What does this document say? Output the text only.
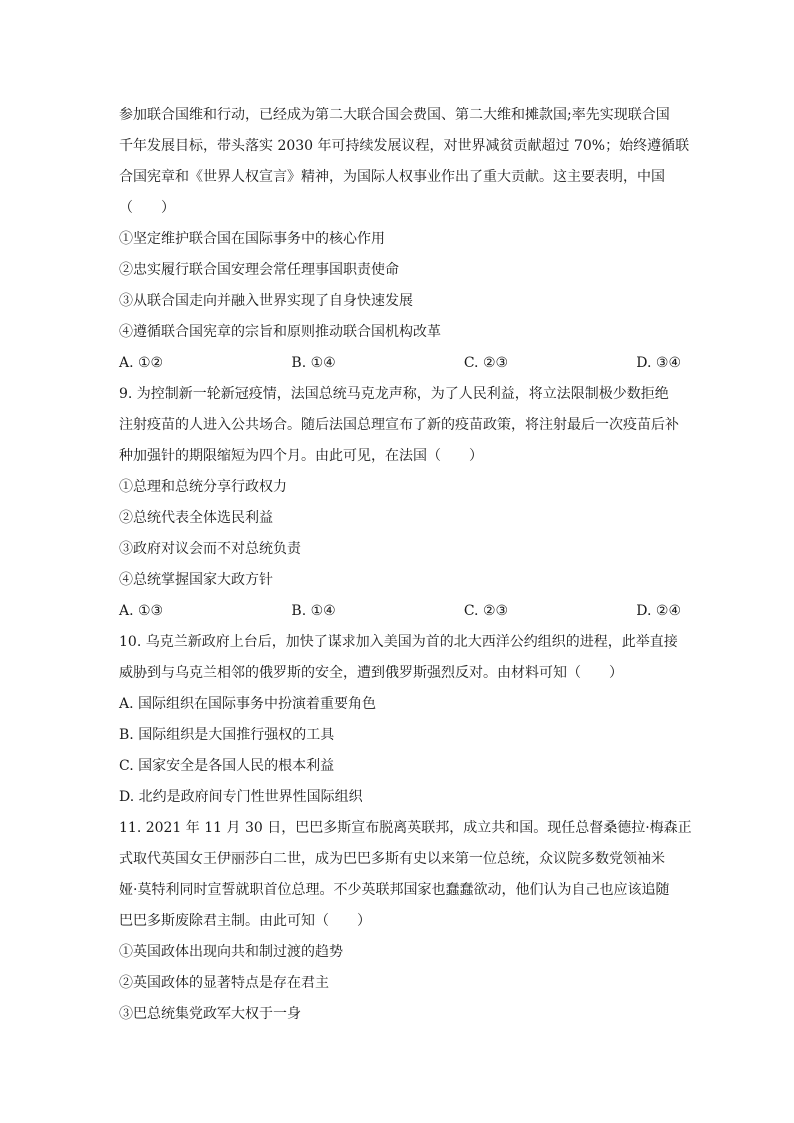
参加联合国维和行动，已经成为第二大联合国会费国、第二大维和摊款国;率先实现联合国
千年发展目标，带头落实 2030 年可持续发展议程，对世界减贫贡献超过 70%；始终遵循联
合国宪章和《世界人权宣言》精神，为国际人权事业作出了重大贡献。这主要表明，中国
（　　）
①坚定维护联合国在国际事务中的核心作用
②忠实履行联合国安理会常任理事国职责使命
③从联合国走向并融入世界实现了自身快速发展
④遵循联合国宪章的宗旨和原则推动联合国机构改革
A. ①②	B. ①④	C. ②③	D. ③④
9. 为控制新一轮新冠疫情，法国总统马克龙声称，为了人民利益，将立法限制极少数拒绝
注射疫苗的人进入公共场合。随后法国总理宣布了新的疫苗政策，将注射最后一次疫苗后补
种加强针的期限缩短为四个月。由此可见，在法国（　　）
①总理和总统分享行政权力
②总统代表全体选民利益
③政府对议会而不对总统负责
④总统掌握国家大政方针
A. ①③	B. ①④	C. ②③	D. ②④
10. 乌克兰新政府上台后，加快了谋求加入美国为首的北大西洋公约组织的进程，此举直接
威胁到与乌克兰相邻的俄罗斯的安全，遭到俄罗斯强烈反对。由材料可知（　　）
A. 国际组织在国际事务中扮演着重要角色
B. 国际组织是大国推行强权的工具
C. 国家安全是各国人民的根本利益
D. 北约是政府间专门性世界性国际组织
11. 2021 年 11 月 30 日，巴巴多斯宣布脱离英联邦，成立共和国。现任总督桑德拉·梅森正
式取代英国女王伊丽莎白二世，成为巴巴多斯有史以来第一位总统，众议院多数党领袖米
娅·莫特利同时宣誓就职首位总理。不少英联邦国家也蠢蠢欲动，他们认为自己也应该追随
巴巴多斯废除君主制。由此可知（　　）
①英国政体出现向共和制过渡的趋势
②英国政体的显著特点是存在君主
③巴总统集党政军大权于一身
